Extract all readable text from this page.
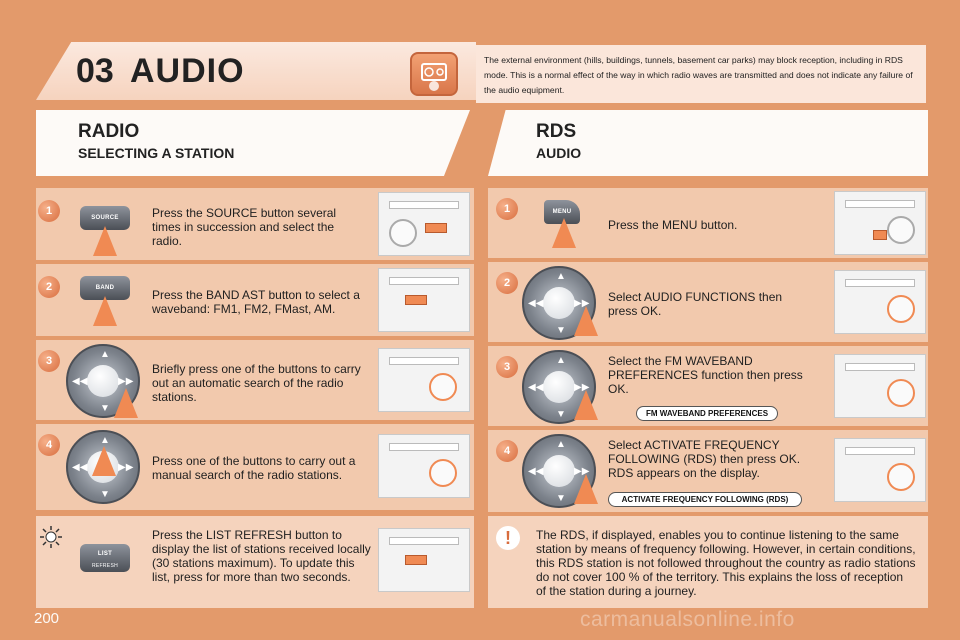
03 AUDIO	The external environment (hills, buildings, tunnels, basement car parks) may block reception, including in RDS mode. This is a normal effect of the way in which radio waves are transmitted and does not indicate any failure of the audio equipment.
RADIO
SELECTING A STATION
RDS
AUDIO
1
SOURCE	Press the SOURCE button several times in succession and select the radio.
2	BAND	Press the BAND AST button to select a waveband: FM1, FM2, FMast, AM.
3
▲
▼
◀◀	▶▶
Briefly press one of the buttons to carry out an automatic search of the radio stations.
4	▲
▼
◀◀	▶▶ Press one of the buttons to carry out a manual search of the radio stations.
LIST
REFRESH
Press the LIST REFRESH button to display the list of stations received locally (30 stations maximum). To update this list, press for more than two seconds.
1	MENU
Press the MENU button.
2
▲
▼
◀◀	▶▶ Select AUDIO FUNCTIONS then press OK.
3
▲
▼
◀◀	▶▶
Select the FM WAVEBAND PREFERENCES function then press OK.
FM WAVEBAND PREFERENCES
4
▲
▼
◀◀	▶▶
Select ACTIVATE FREQUENCY FOLLOWING (RDS) then press OK. RDS appears on the display.
ACTIVATE FREQUENCY FOLLOWING (RDS)
!	The RDS, if displayed, enables you to continue listening to the same station by means of frequency following. However, in certain conditions, this RDS station is not followed throughout the country as radio stations do not cover 100 % of the territory. This explains the loss of reception of the station during a journey.
200	carmanualsonline.info
